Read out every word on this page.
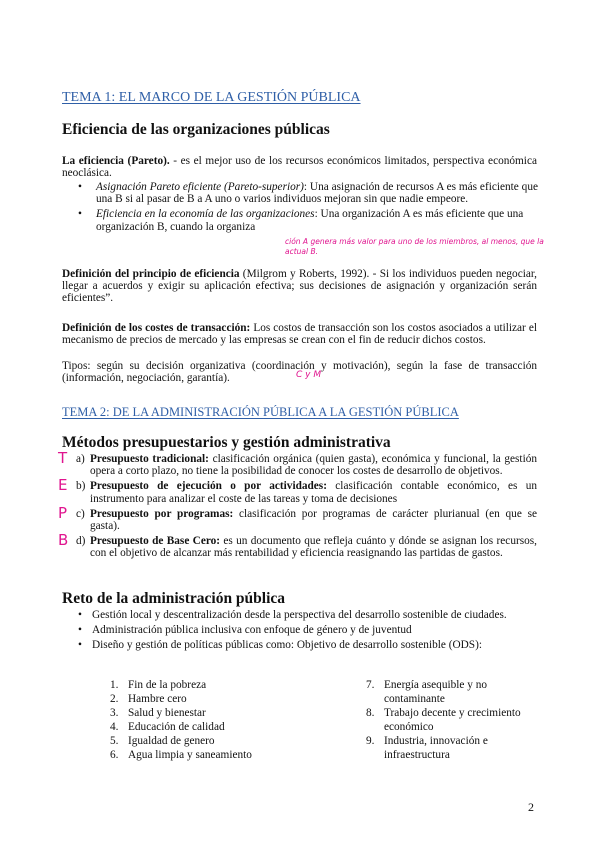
TEMA 1: EL MARCO DE LA GESTIÓN PÚBLICA
Eficiencia de las organizaciones públicas
La eficiencia (Pareto). - es el mejor uso de los recursos económicos limitados, perspectiva económica neoclásica.
• Asignación Pareto eficiente (Pareto-superior): Una asignación de recursos A es más eficiente que una B si al pasar de B a A uno o varios individuos mejoran sin que nadie empeore.
• Eficiencia en la economía de las organizaciones: Una organización A es más eficiente que una organización B, cuando la organiza
ción A genera más valor para uno de los miembros, al menos, que la actual B.
Definición del principio de eficiencia (Milgrom y Roberts, 1992). - Si los individuos pueden negociar, llegar a acuerdos y exigir su aplicación efectiva; sus decisiones de asignación y organización serán eficientes”.
Definición de los costes de transacción: Los costos de transacción son los costos asociados a utilizar el mecanismo de precios de mercado y las empresas se crean con el fin de reducir dichos costos.
Tipos: según su decisión organizativa (coordinación y motivación), según la fase de transacción (información, negociación, garantía).	C y M
TEMA 2: DE LA ADMINISTRACIÓN PÚBLICA A LA GESTIÓN PÚBLICA
Métodos presupuestarios y gestión administrativa
T a) Presupuesto tradicional: clasificación orgánica (quien gasta), económica y funcional, la gestión opera a corto plazo, no tiene la posibilidad de conocer los costes de desarrollo de objetivos.
E b) Presupuesto de ejecución o por actividades: clasificación contable económico, es un instrumento para analizar el coste de las tareas y toma de decisiones
P c) Presupuesto por programas: clasificación por programas de carácter plurianual (en que se gasta).
B d) Presupuesto de Base Cero: es un documento que refleja cuánto y dónde se asignan los recursos, con el objetivo de alcanzar más rentabilidad y eficiencia reasignando las partidas de gastos.
Reto de la administración pública
• Gestión local y descentralización desde la perspectiva del desarrollo sostenible de ciudades.
• Administración pública inclusiva con enfoque de género y de juventud
• Diseño y gestión de políticas públicas como: Objetivo de desarrollo sostenible (ODS):
1. Fin de la pobreza
2. Hambre cero
3. Salud y bienestar
4. Educación de calidad
5. Igualdad de genero
6. Agua limpia y saneamiento
7. Energía asequible y no
contaminante
8. Trabajo decente y crecimiento
económico
9. Industria, innovación e
infraestructura
2
